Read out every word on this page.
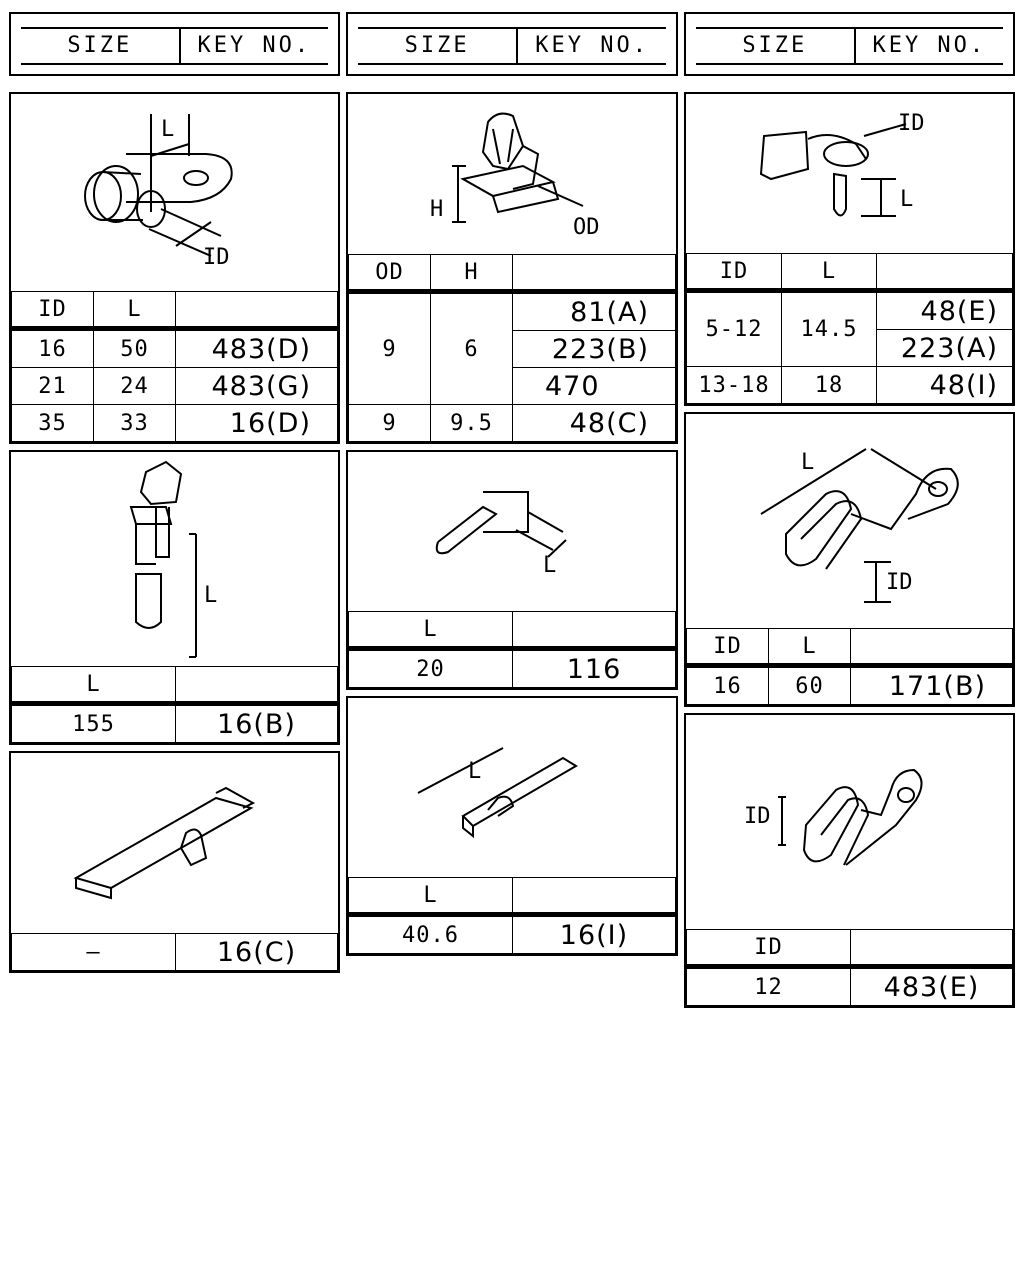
SIZE	KEY NO.	SIZE	KEY NO.	SIZE	KEY NO.
L
ID
ID	L	
16	50	483(D)
21	24	483(G)
35	33	16(D)
L
L	
155	16(B)
—	16(C)
H
OD
OD	H	
9	6	81(A)
		223(B)
		470
9	9.5	48(C)
L
L	
20	116
L
L	
40.6	16(I)
ID
L
ID	L	
5-12	14.5	48(E)
		223(A)
13-18	18	48(I)
L
ID
ID	L	
16	60	171(B)
ID
ID	
12	483(E)
